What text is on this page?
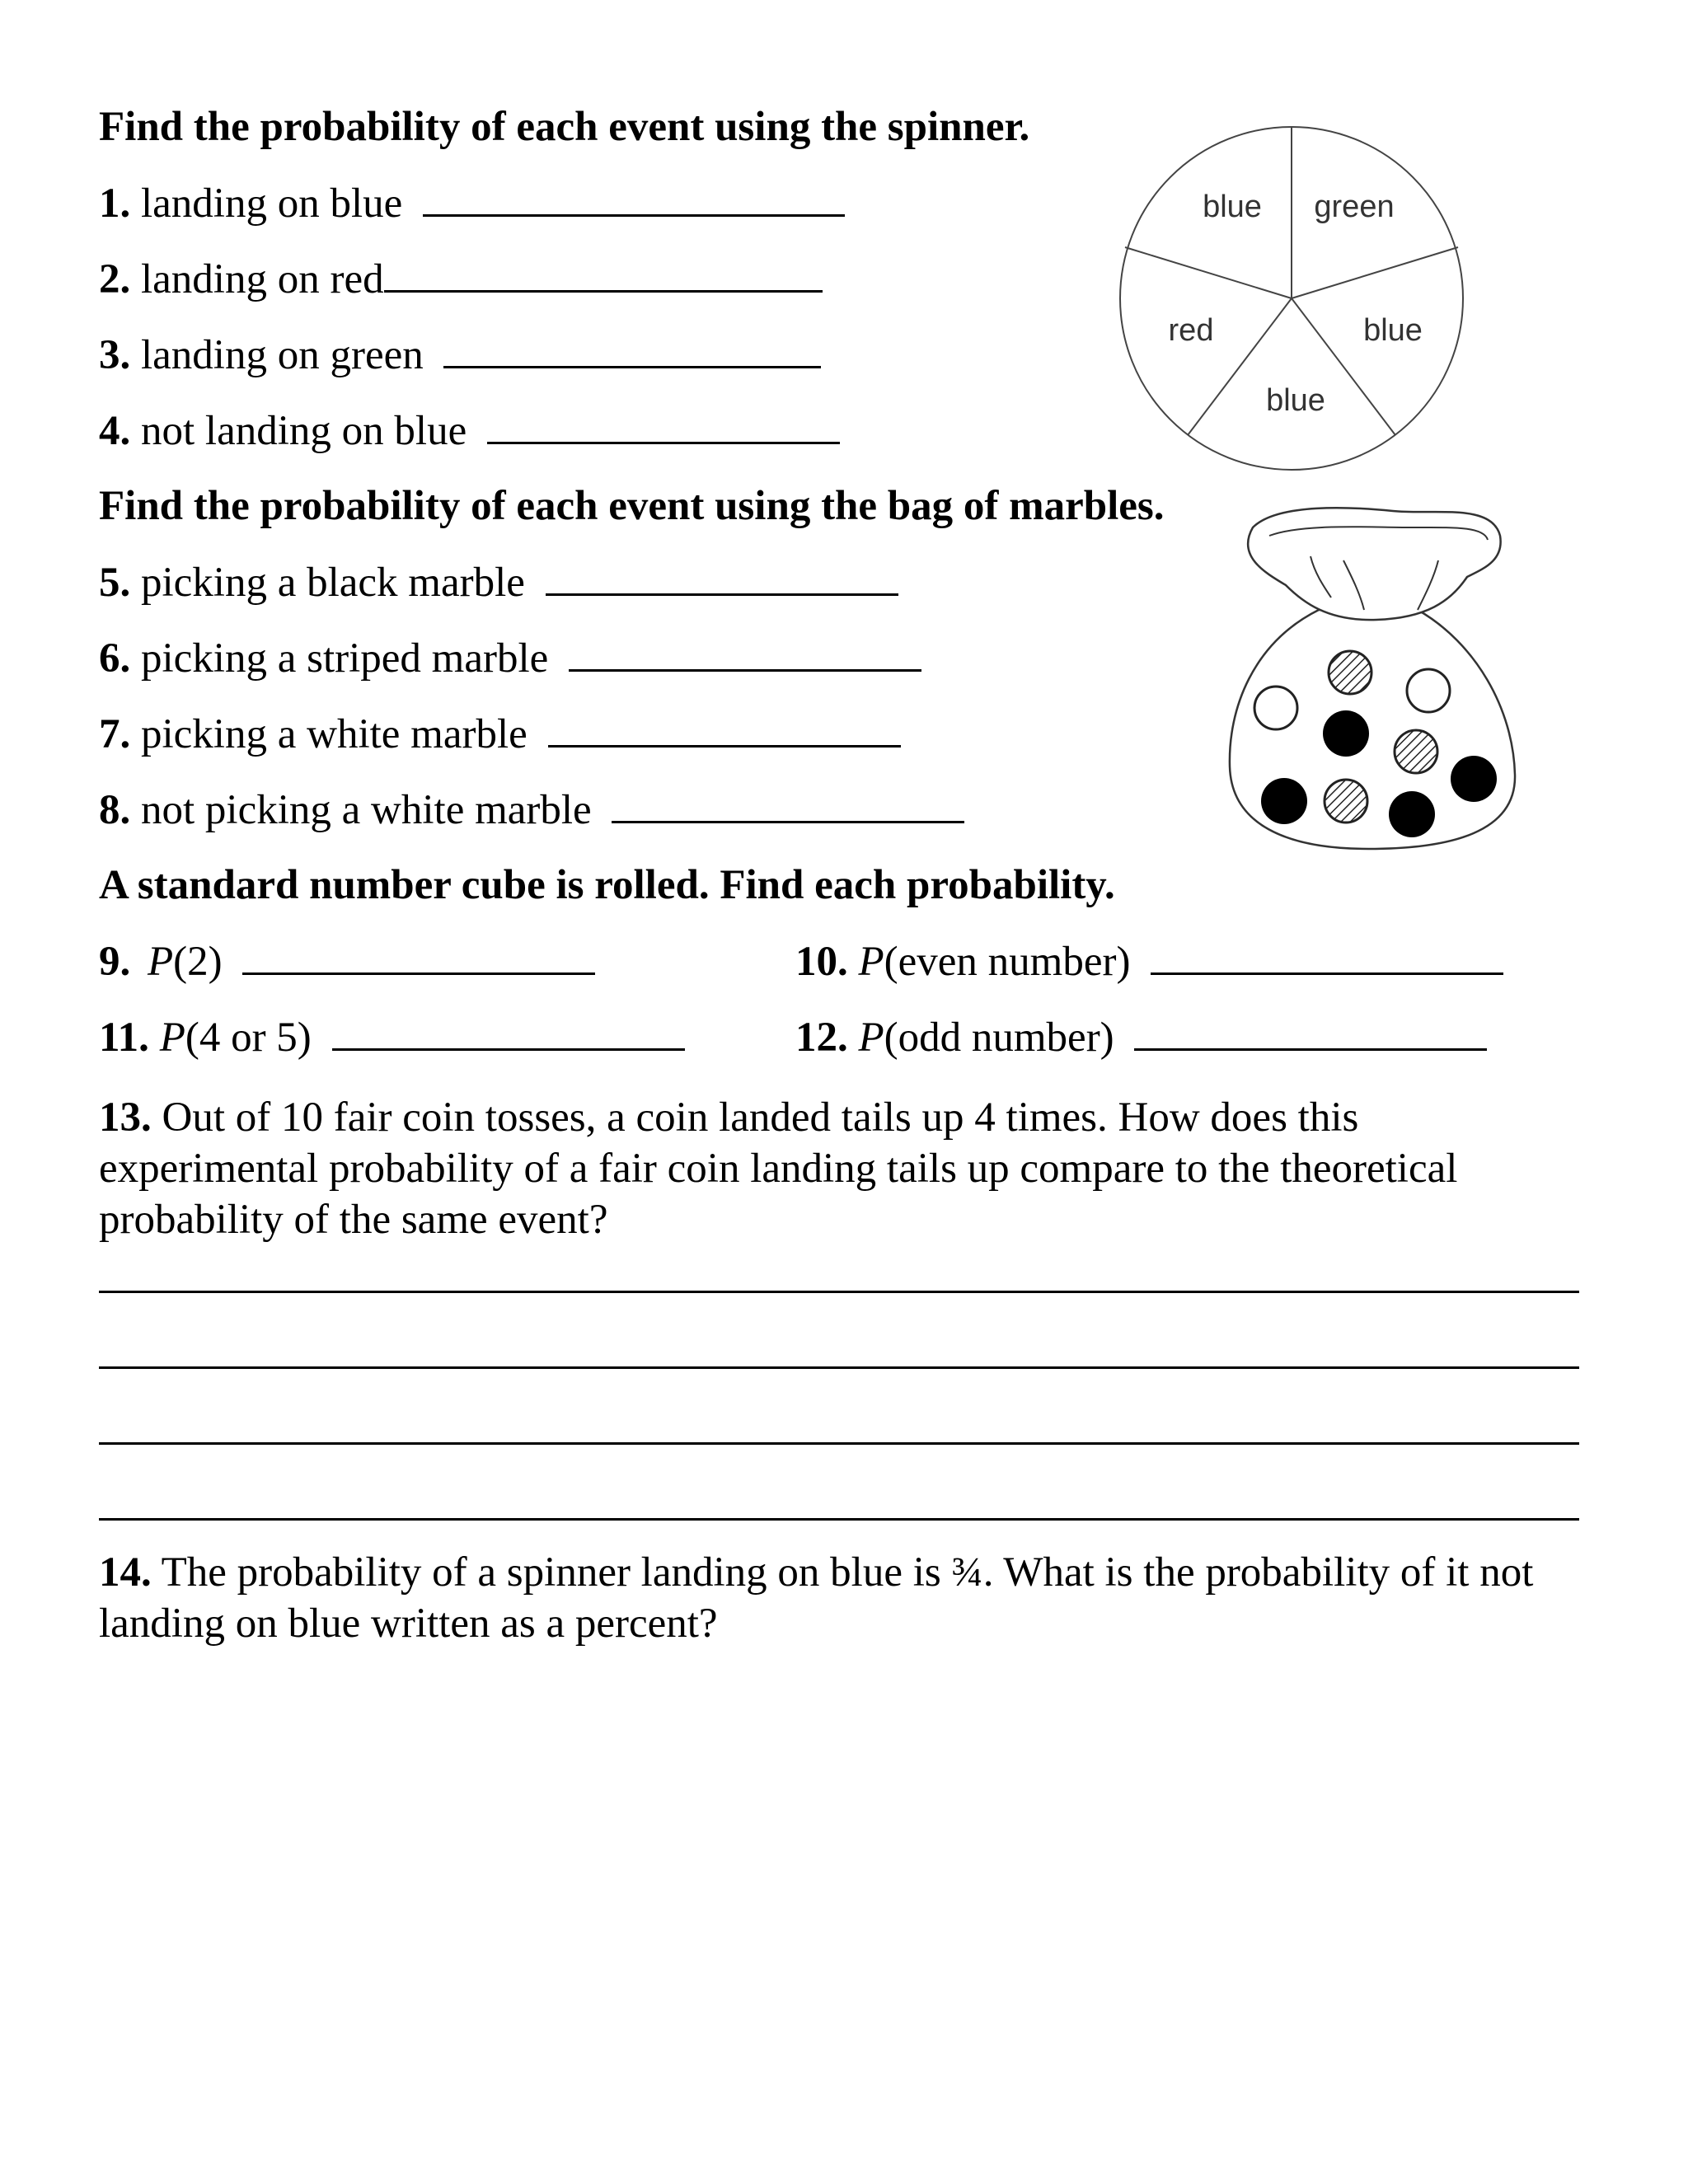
Find the probability of each event using the spinner.
1. landing on blue
2. landing on red
3. landing on green
4. not landing on blue
blue green
blue
blue
red
Find the probability of each event using the bag of marbles.
5. picking a black marble
6. picking a striped marble
7. picking a white marble
8. not picking a white marble
A standard number cube is rolled. Find each probability.
9. P(2)	10. P(even number)
11. P(4 or 5)	12. P(odd number)
13. Out of 10 fair coin tosses, a coin landed tails up 4 times. How does this experimental probability of a fair coin landing tails up compare to the theoretical probability of the same event?
14. The probability of a spinner landing on blue is ¾. What is the probability of it not landing on blue written as a percent?
